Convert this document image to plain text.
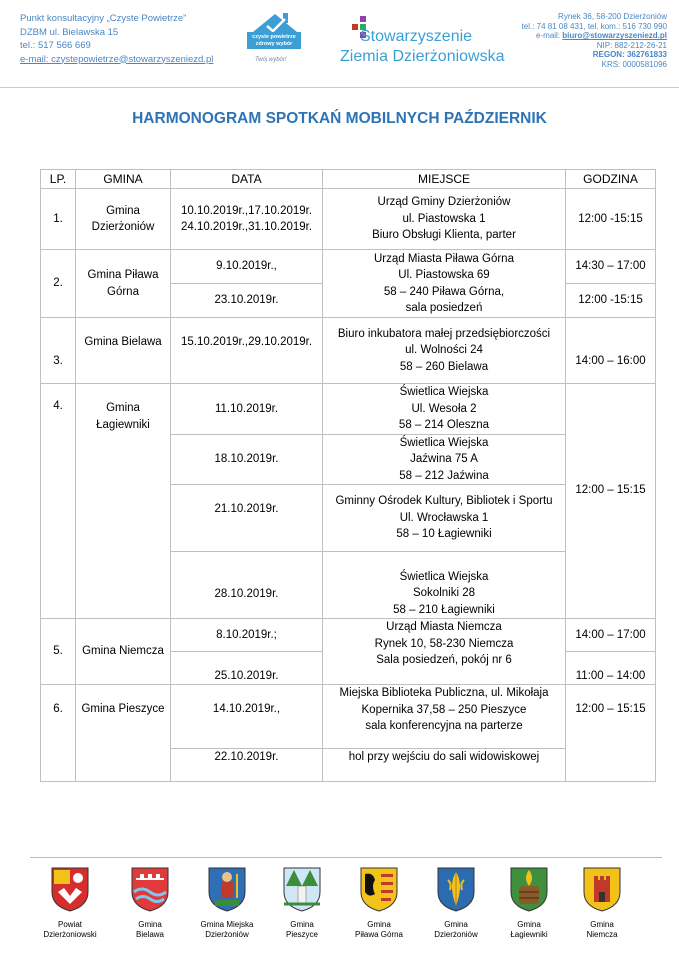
Punkt konsultacyjny „Czyste Powietrze”
DZBM ul. Bielawska 15
tel.: 517 566 669
e-mail: czystepowietrze@stowarzyszeniezd.pl
czyste powietrze
zdrowy wybór
Twój wybór!
Stowarzyszenie
Ziemia Dzierżoniowska
Rynek 36, 58-200 Dzierżoniów
tel.: 74 81 08 431, tel. kom.: 516 730 990
e-mail: biuro@stowarzyszeniezd.pl
NIP: 882-212-26-21
REGON: 362761833
KRS: 0000581096
HARMONOGRAM SPOTKAŃ MOBILNYCH PAŹDZIERNIK
LP.	GMINA	DATA	MIEJSCE	GODZINA
1.	Gmina Dzierżoniów	10.10.2019r.,17.10.2019r. 24.10.2019r.,31.10.2019r.	Urząd Gminy Dzierżoniów
ul. Piastowska 1
Biuro Obsługi Klienta, parter	12:00 -15:15
2.	Gmina Piława Górna	9.10.2019r.,	Urząd Miasta Piława Górna
Ul. Piastowska 69
58 – 240 Piława Górna,
sala posiedzeń	14:30 – 17:00
		23.10.2019r.		12:00 -15:15
3.	Gmina Bielawa	15.10.2019r.,29.10.2019r.	Biuro inkubatora małej przedsiębiorczości
ul. Wolności 24
58 – 260 Bielawa	14:00 – 16:00
4.	Gmina Łagiewniki	11.10.2019r.	Świetlica Wiejska
Ul. Wesoła 2
58 – 214 Oleszna	12:00 – 15:15
		18.10.2019r.	Świetlica Wiejska
Jaźwina 75 A
58 – 212 Jaźwina	

		21.10.2019r.	Gminny Ośrodek Kultury, Bibliotek i Sportu
Ul. Wrocławska 1
58 – 10 Łagiewniki	

		28.10.2019r.	Świetlica Wiejska
Sokolniki 28
58 – 210 Łagiewniki	

5.	Gmina Niemcza	8.10.2019r.;	Urząd Miasta Niemcza
Rynek 10, 58-230 Niemcza
Sala posiedzeń, pokój nr 6	14:00 – 17:00
		25.10.2019r.		11:00 – 14:00
6.	Gmina Pieszyce	14.10.2019r.,	Miejska Biblioteka Publiczna, ul. Mikołaja
Kopernika 37,58 – 250 Pieszyce
sala konferencyjna na parterze	12:00 – 15:15
		22.10.2019r.	hol przy wejściu do sali widowiskowej	
Powiat
Dzierżoniowski
Gmina
Bielawa
Gmina Miejska
Dzierżoniów
Gmina
Pieszyce
Gmina
Piława Górna
Gmina
Dzierżoniów
Gmina
Łagiewniki
Gmina
Niemcza
